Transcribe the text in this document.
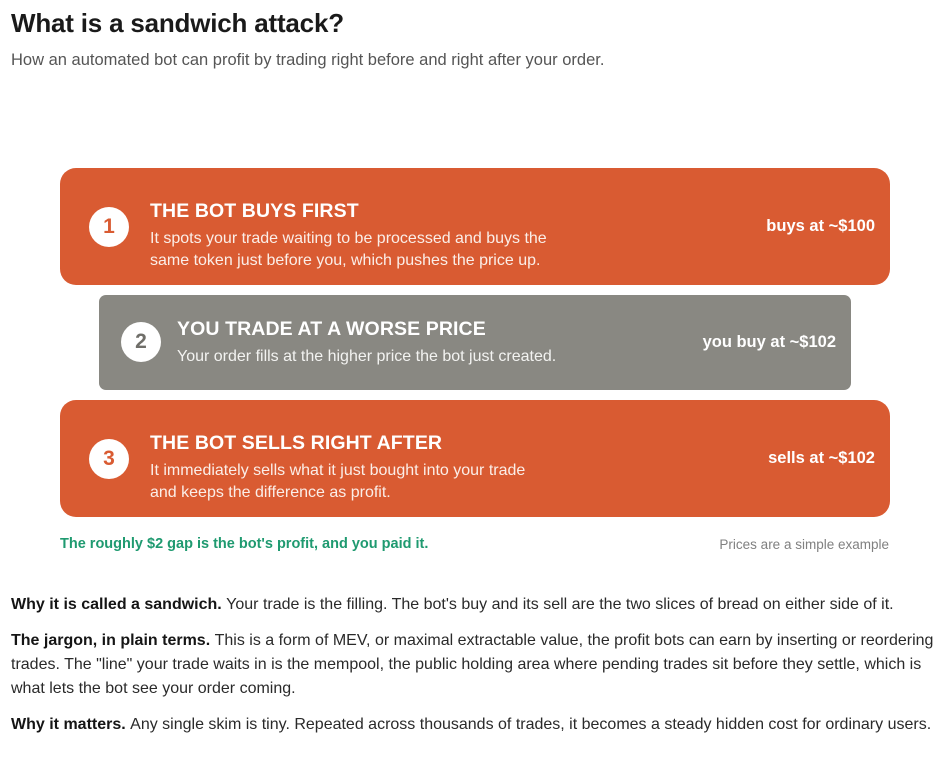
What is a sandwich attack?
How an automated bot can profit by trading right before and right after your order.
1
THE BOT BUYS FIRST
It spots your trade waiting to be processed and buys the
same token just before you, which pushes the price up.
buys at ~$100
2
YOU TRADE AT A WORSE PRICE
Your order fills at the higher price the bot just created.
you buy at ~$102
3
THE BOT SELLS RIGHT AFTER
It immediately sells what it just bought into your trade
and keeps the difference as profit.
sells at ~$102
The roughly $2 gap is the bot's profit, and you paid it.	Prices are a simple example
Why it is called a sandwich. Your trade is the filling. The bot's buy and its sell are the two slices of bread on either side of it.
The jargon, in plain terms. This is a form of MEV, or maximal extractable value, the profit bots can earn by inserting or reordering trades. The "line" your trade waits in is the mempool, the public holding area where pending trades sit before they settle, which is what lets the bot see your order coming.
Why it matters. Any single skim is tiny. Repeated across thousands of trades, it becomes a steady hidden cost for ordinary users.
